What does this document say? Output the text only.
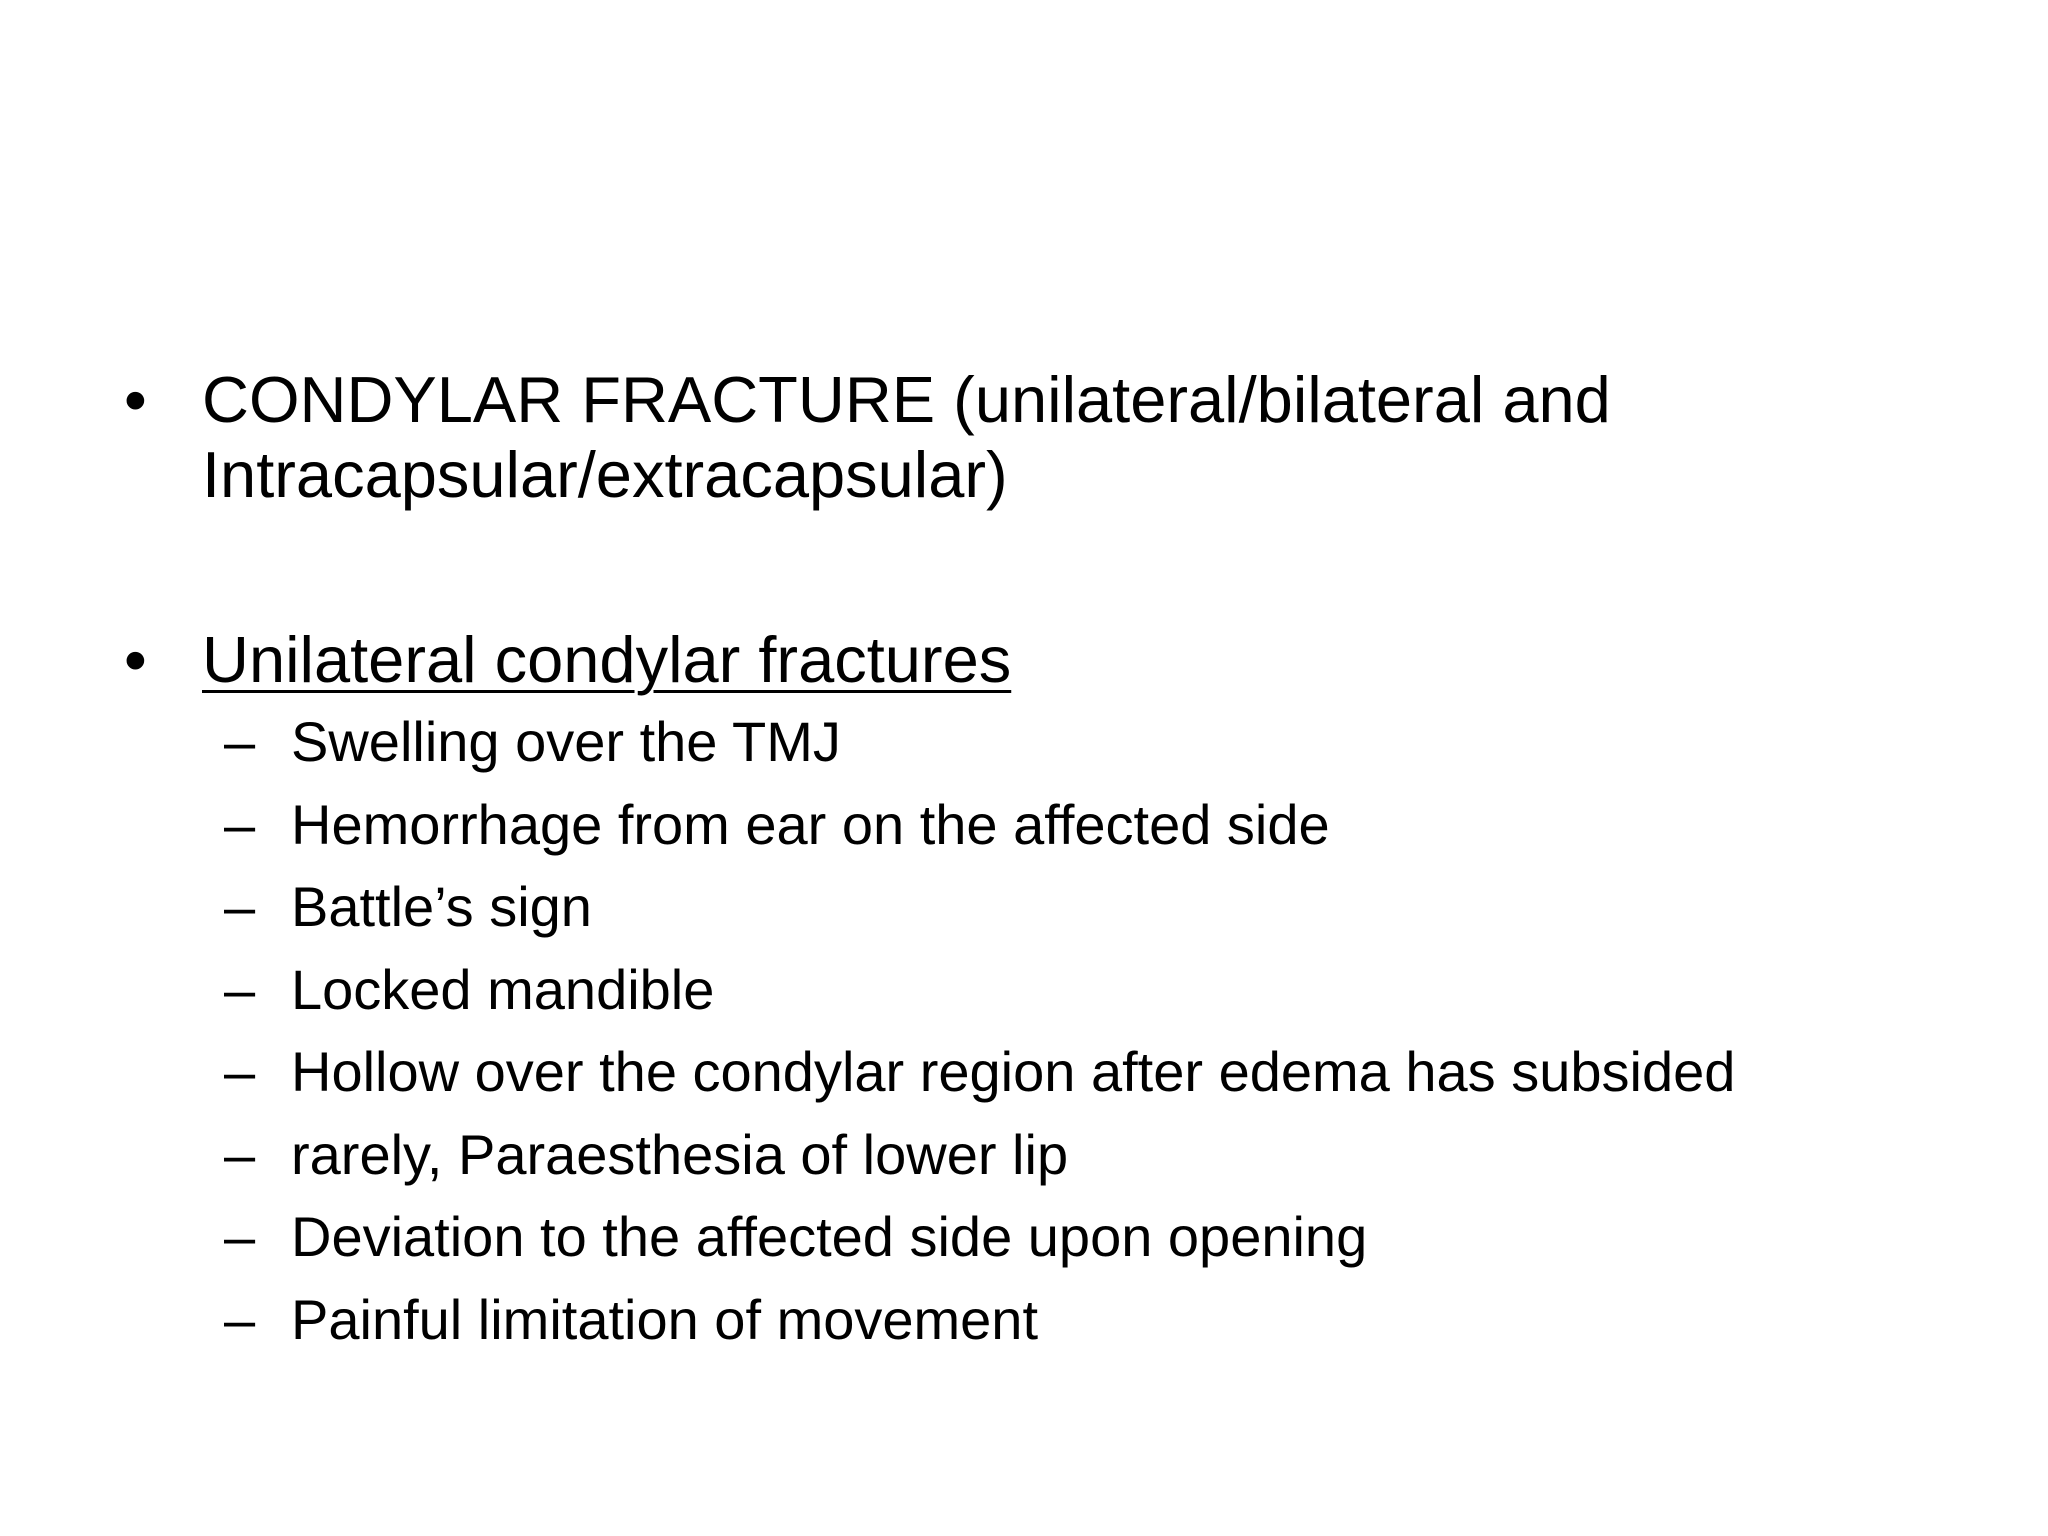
• CONDYLAR FRACTURE (unilateral/bilateral and Intracapsular/extracapsular)
• Unilateral condylar fractures
– Swelling over the TMJ
– Hemorrhage from ear on the affected side
– Battle’s sign
– Locked mandible
– Hollow over the condylar region after edema has subsided
– rarely, Paraesthesia of lower lip
– Deviation to the affected side upon opening
– Painful limitation of movement
